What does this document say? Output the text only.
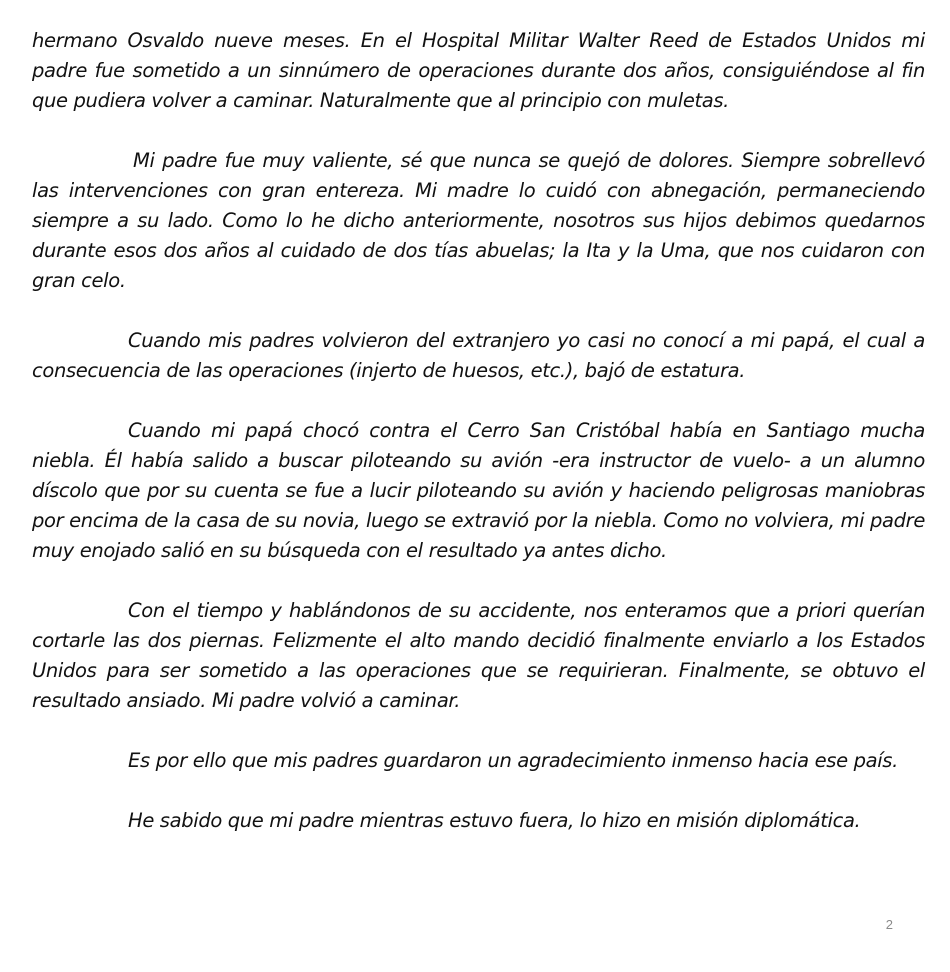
hermano Osvaldo nueve meses. En el Hospital Militar Walter Reed de Estados Unidos mi padre fue sometido a un sinnúmero de operaciones durante dos años, consiguiéndose al fin que pudiera volver a caminar. Naturalmente que al principio con muletas.

Mi padre fue muy valiente, sé que nunca se quejó de dolores. Siempre sobrellevó las intervenciones con gran entereza. Mi madre lo cuidó con abnegación, permaneciendo siempre a su lado. Como lo he dicho anteriormente, nosotros sus hijos debimos quedarnos durante esos dos años al cuidado de dos tías abuelas; la Ita y la Uma, que nos cuidaron con gran celo.

Cuando mis padres volvieron del extranjero yo casi no conocí a mi papá, el cual a consecuencia de las operaciones (injerto de huesos, etc.), bajó de estatura.

Cuando mi papá chocó contra el Cerro San Cristóbal había en Santiago mucha niebla. Él había salido a buscar piloteando su avión -era instructor de vuelo- a un alumno díscolo que por su cuenta se fue a lucir piloteando su avión y haciendo peligrosas maniobras por encima de la casa de su novia, luego se extravió por la niebla. Como no volviera, mi padre muy enojado salió en su búsqueda con el resultado ya antes dicho.

Con el tiempo y hablándonos de su accidente, nos enteramos que a priori querían cortarle las dos piernas. Felizmente el alto mando decidió finalmente enviarlo a los Estados Unidos para ser sometido a las operaciones que se requirieran. Finalmente, se obtuvo el resultado ansiado. Mi padre volvió a caminar.

Es por ello que mis padres guardaron un agradecimiento inmenso hacia ese país.

He sabido que mi padre mientras estuvo fuera, lo hizo en misión diplomática.

2
